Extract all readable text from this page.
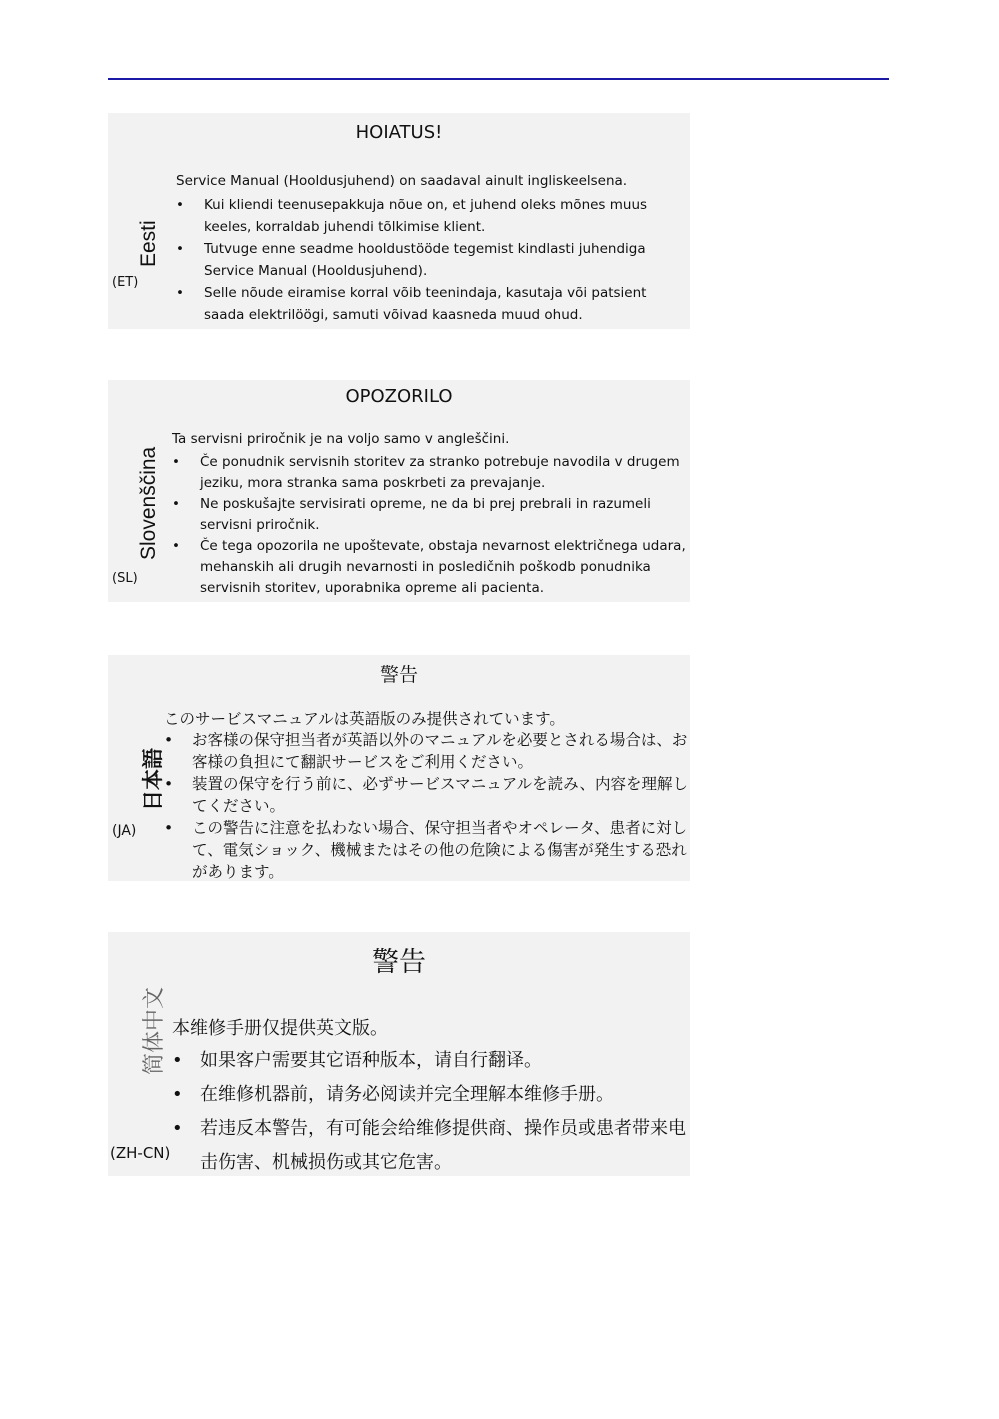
Eesti
(ET)
HOIATUS!

Service Manual (Hooldusjuhend) on saadaval ainult ingliskeelsena.

• Kui kliendi teenusepakkuja nõue on, et juhend oleks mõnes muus keeles, korraldab juhendi tõlkimise klient.
• Tutvuge enne seadme hooldustööde tegemist kindlasti juhendiga Service Manual (Hooldusjuhend).
• Selle nõude eiramise korral võib teenindaja, kasutaja või patsient saada elektrilöögi, samuti võivad kaasneda muud ohud.
Slovenščina
(SL)
OPOZORILO

Ta servisni priročnik je na voljo samo v angleščini.

• Če ponudnik servisnih storitev za stranko potrebuje navodila v drugem jeziku, mora stranka sama poskrbeti za prevajanje.
• Ne poskušajte servisirati opreme, ne da bi prej prebrali in razumeli servisni priročnik.
• Če tega opozorila ne upoštevate, obstaja nevarnost električnega udara, mehanskih ali drugih nevarnosti in posledičnih poškodb ponudnika servisnih storitev, uporabnika opreme ali pacienta.
日本語
(JA)
警告

このサービスマニュアルは英語版のみ提供されています。

• お客様の保守担当者が英語以外のマニュアルを必要とされる場合は、お客様の負担にて翻訳サービスをご利用ください。
• 装置の保守を行う前に、必ずサービスマニュアルを読み、内容を理解してください。
• この警告に注意を払わない場合、保守担当者やオペレータ、患者に対して、電気ショック、機械またはその他の危険による傷害が発生する恐れがあります。
简体中文
(ZH-CN)
警告

本维修手册仅提供英文版。

• 如果客户需要其它语种版本，请自行翻译。
• 在维修机器前，请务必阅读并完全理解本维修手册。
• 若违反本警告，有可能会给维修提供商、操作员或患者带来电击伤害、机械损伤或其它危害。
